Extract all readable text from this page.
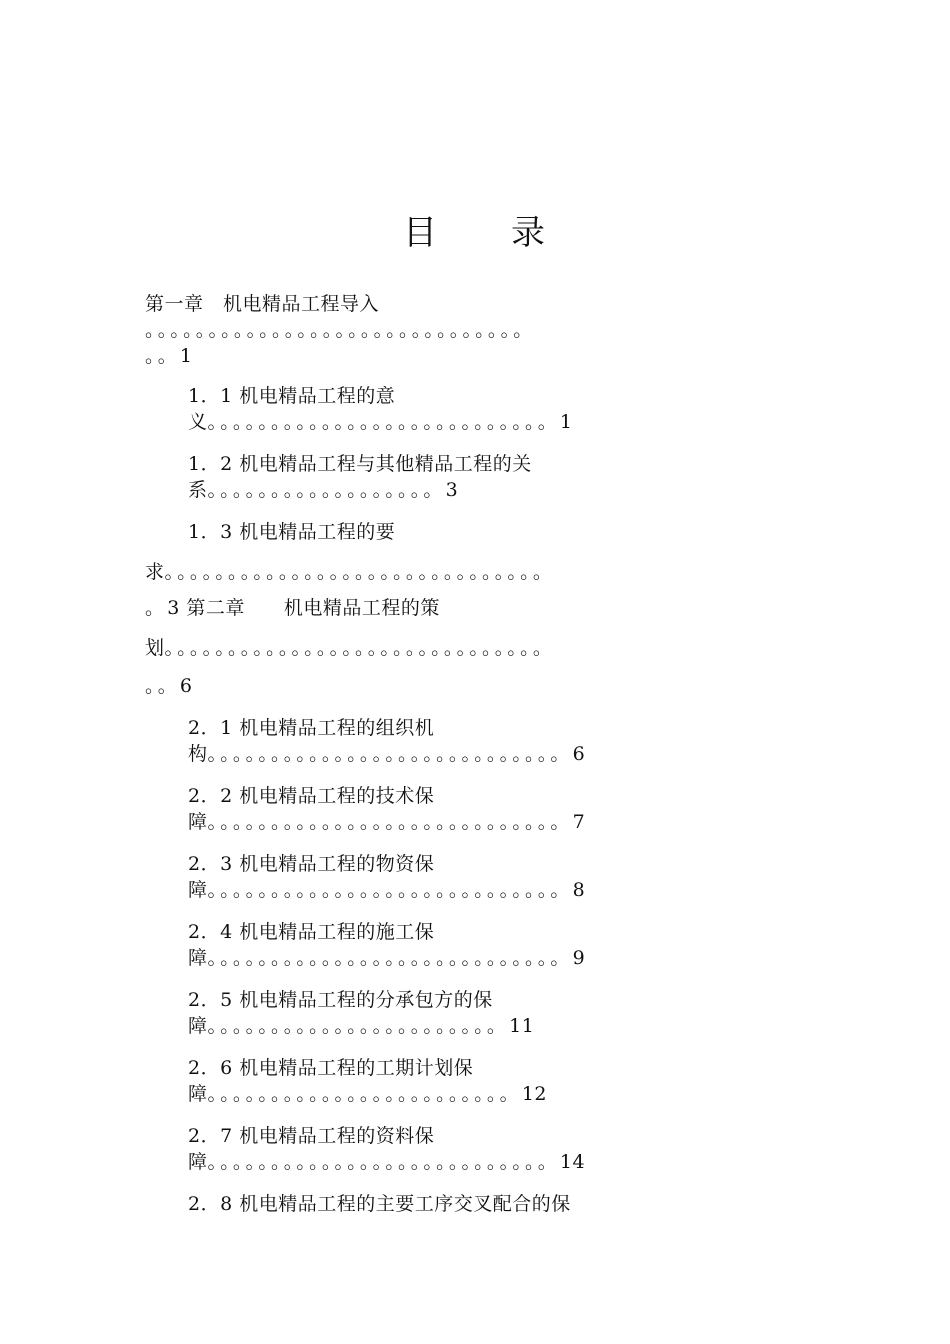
目 录
第一章　机电精品工程导入
。。。。。。。。。。。。。。。。。。。。。。。。。。。。。。
。。1
1．1 机电精品工程的意
义。。。。。。。。。。。。。。。。。。。。。。。。。。。1
1．2 机电精品工程与其他精品工程的关
系。。。。。。。。。。。。。。。。。。3
1．3 机电精品工程的要
求。。。。。。。。。。。。。。。。。。。。。。。。。。。。。。
。3 第二章　　机电精品工程的策
划。。。。。。。。。。。。。。。。。。。。。。。。。。。。。。
。。6
2．1 机电精品工程的组织机
构。。。。。。。。。。。。。。。。。。。。。。。。。。。。6
2．2 机电精品工程的技术保
障。。。。。。。。。。。。。。。。。。。。。。。。。。。。7
2．3 机电精品工程的物资保
障。。。。。。。。。。。。。。。。。。。。。。。。。。。。8
2．4 机电精品工程的施工保
障。。。。。。。。。。。。。。。。。。。。。。。。。。。。9
2．5 机电精品工程的分承包方的保
障。。。。。。。。。。。。。。。。。。。。。。。11
2．6 机电精品工程的工期计划保
障。。。。。。。。。。。。。。。。。。。。。。。。12
2．7 机电精品工程的资料保
障。。。。。。。。。。。。。。。。。。。。。。。。。。。14
2．8 机电精品工程的主要工序交叉配合的保
